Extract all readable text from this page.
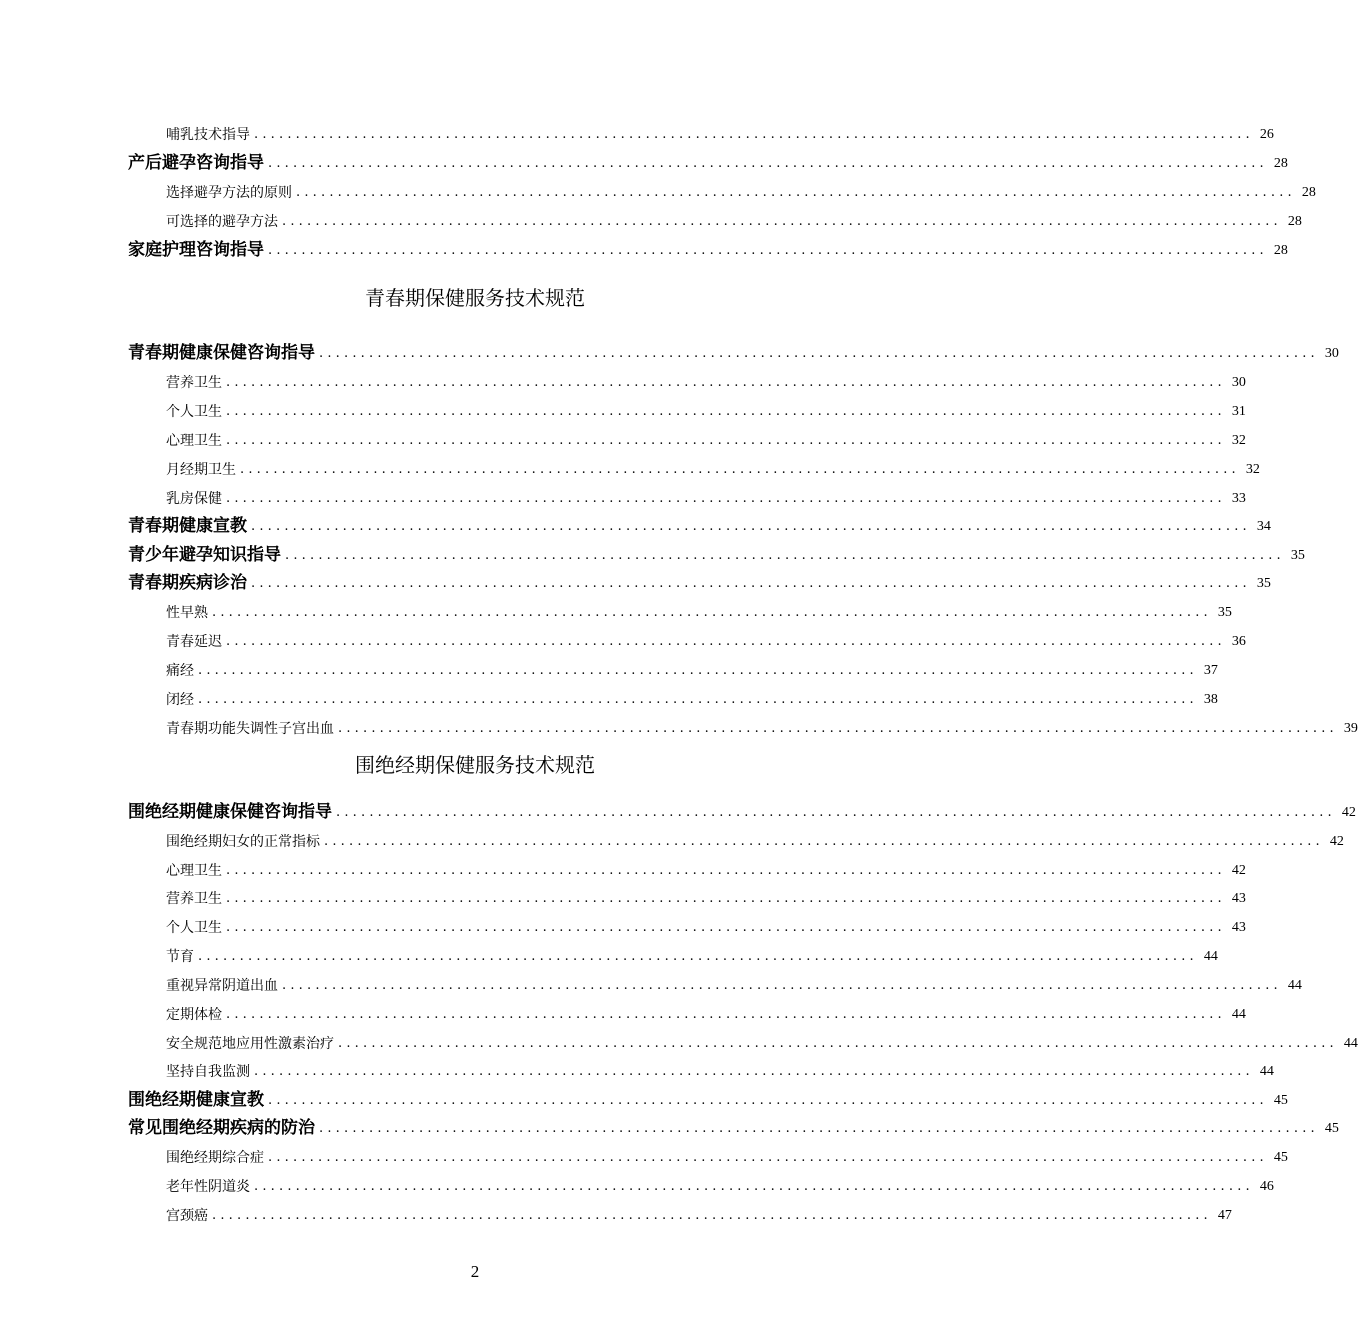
哺乳技术指导 ........................................................................................................................ 26
产后避孕咨询指导 ........................................................................................................................ 28
选择避孕方法的原则 ........................................................................................................................ 28
可选择的避孕方法 ........................................................................................................................ 28
家庭护理咨询指导 ........................................................................................................................ 28
青春期保健服务技术规范
青春期健康保健咨询指导 ........................................................................................................................ 30
营养卫生 ........................................................................................................................ 30
个人卫生 ........................................................................................................................ 31
心理卫生 ........................................................................................................................ 32
月经期卫生 ........................................................................................................................ 32
乳房保健 ........................................................................................................................ 33
青春期健康宣教 ........................................................................................................................ 34
青少年避孕知识指导 ........................................................................................................................ 35
青春期疾病诊治 ........................................................................................................................ 35
性早熟 ........................................................................................................................ 35
青春延迟 ........................................................................................................................ 36
痛经 ........................................................................................................................ 37
闭经 ........................................................................................................................ 38
青春期功能失调性子宫出血 ........................................................................................................................ 39
围绝经期保健服务技术规范
围绝经期健康保健咨询指导 ........................................................................................................................ 42
围绝经期妇女的正常指标 ........................................................................................................................ 42
心理卫生 ........................................................................................................................ 42
营养卫生 ........................................................................................................................ 43
个人卫生 ........................................................................................................................ 43
节育 ........................................................................................................................ 44
重视异常阴道出血 ........................................................................................................................ 44
定期体检 ........................................................................................................................ 44
安全规范地应用性激素治疗 ........................................................................................................................ 44
坚持自我监测 ........................................................................................................................ 44
围绝经期健康宣教 ........................................................................................................................ 45
常见围绝经期疾病的防治 ........................................................................................................................ 45
围绝经期综合症 ........................................................................................................................ 45
老年性阴道炎 ........................................................................................................................ 46
宫颈癌 ........................................................................................................................ 47
2
